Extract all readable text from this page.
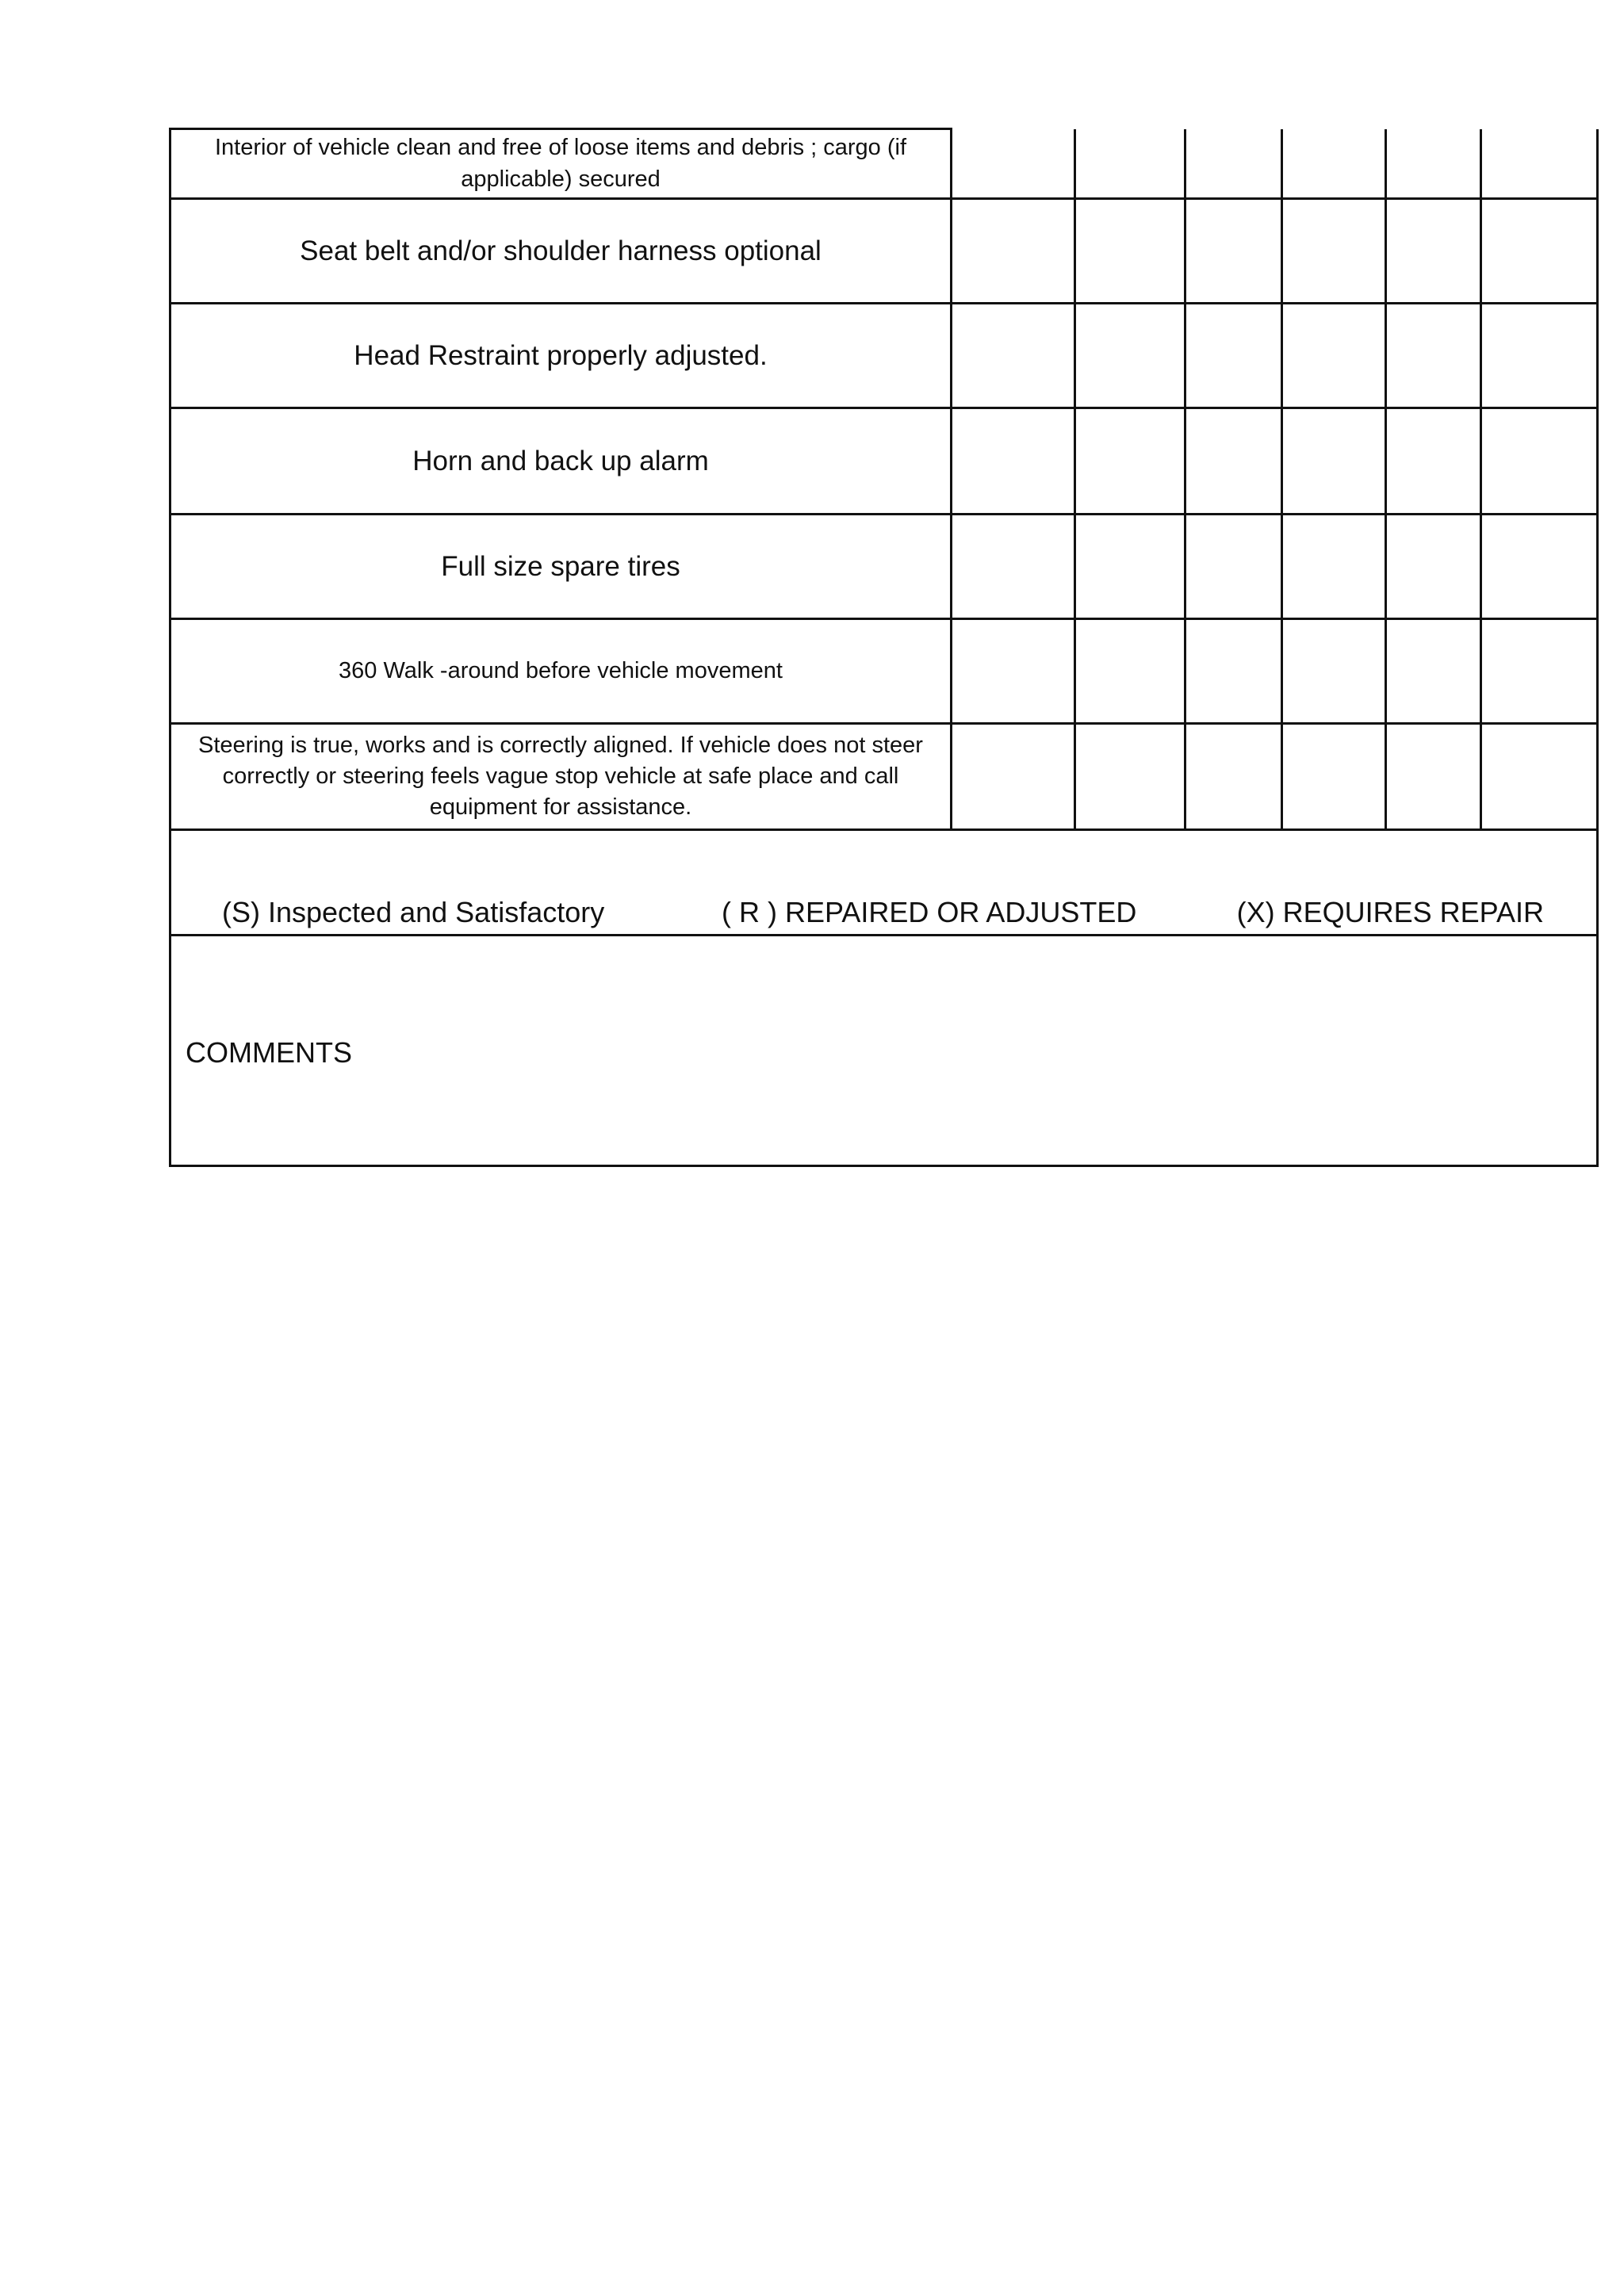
Interior of vehicle clean and free of loose items and debris ; cargo (if applicable) secured						
Seat belt and/or shoulder harness optional						
Head Restraint properly adjusted.						
Horn and back up alarm						
Full size spare tires						
360 Walk -around before vehicle movement						
Steering is true, works and is correctly aligned. If vehicle does not steer correctly or steering feels vague stop vehicle at safe place and call equipment for assistance.						

(S) Inspected and Satisfactory ( R ) REPAIRED OR ADJUSTED (X) REQUIRES REPAIR						

COMMENTS						
